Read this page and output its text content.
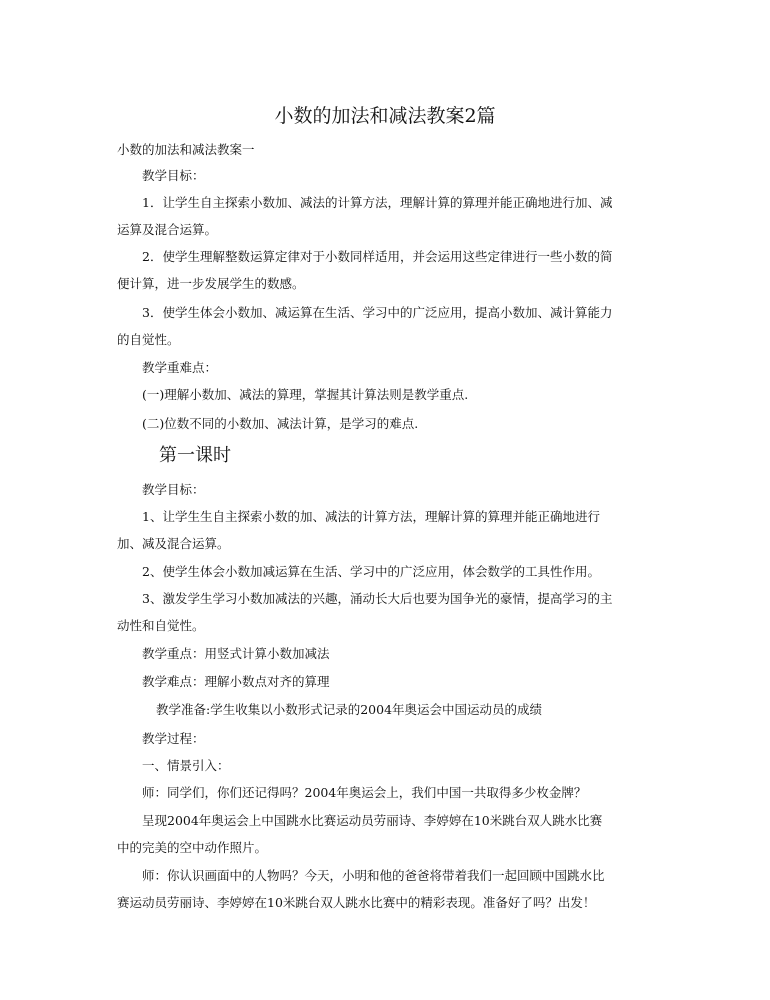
小数的加法和减法教案2篇
小数的加法和减法教案一
教学目标：
1．让学生自主探索小数加、减法的计算方法，理解计算的算理并能正确地进行加、减
运算及混合运算。
2．使学生理解整数运算定律对于小数同样适用，并会运用这些定律进行一些小数的简
便计算，进一步发展学生的数感。
3．使学生体会小数加、减运算在生活、学习中的广泛应用，提高小数加、减计算能力
的自觉性。
教学重难点：
(一)理解小数加、减法的算理，掌握其计算法则是教学重点.
(二)位数不同的小数加、减法计算，是学习的难点.
第一课时
教学目标：
1、让学生生自主探索小数的加、减法的计算方法，理解计算的算理并能正确地进行
加、减及混合运算。
2、使学生体会小数加减运算在生活、学习中的广泛应用，体会数学的工具性作用。
3、激发学生学习小数加减法的兴趣，涌动长大后也要为国争光的豪情，提高学习的主
动性和自觉性。
教学重点：用竖式计算小数加减法
教学难点：理解小数点对齐的算理
教学准备:学生收集以小数形式记录的2004年奥运会中国运动员的成绩
教学过程：
一、情景引入：
师：同学们，你们还记得吗？2004年奥运会上，我们中国一共取得多少枚金牌？
呈现2004年奥运会上中国跳水比赛运动员劳丽诗、李婷婷在10米跳台双人跳水比赛
中的完美的空中动作照片。
师：你认识画面中的人物吗？今天，小明和他的爸爸将带着我们一起回顾中国跳水比
赛运动员劳丽诗、李婷婷在10米跳台双人跳水比赛中的精彩表现。准备好了吗？出发！
